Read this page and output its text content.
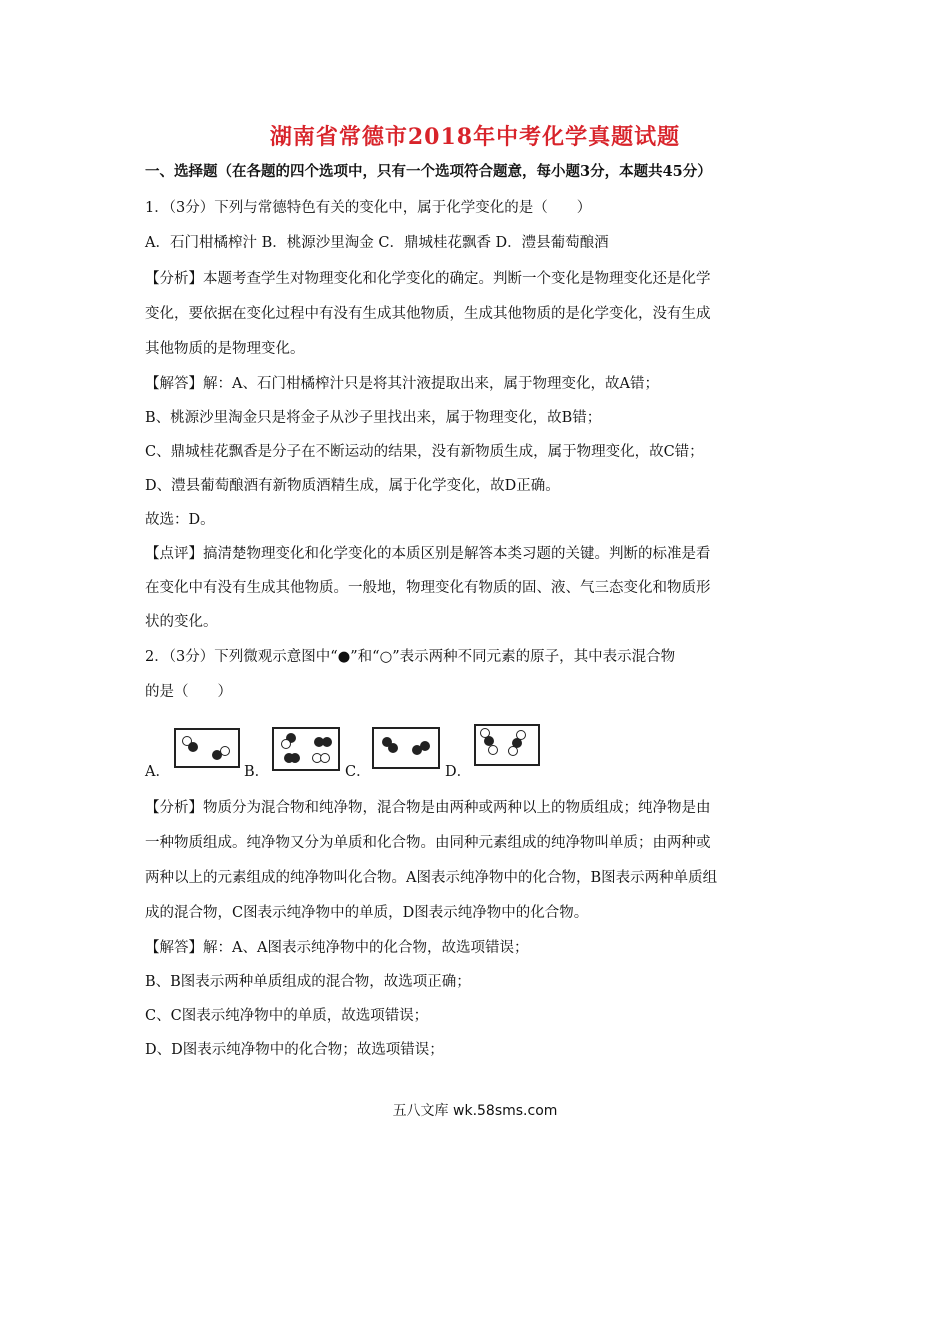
湖南省常德市2018年中考化学真题试题
一、选择题（在各题的四个选项中，只有一个选项符合题意，每小题3分，本题共45分）
1．（3分）下列与常德特色有关的变化中，属于化学变化的是（　　）
A．石门柑橘榨汁 B．桃源沙里淘金 C．鼎城桂花飘香 D．澧县葡萄酿酒
【分析】本题考查学生对物理变化和化学变化的确定。判断一个变化是物理变化还是化学
变化，要依据在变化过程中有没有生成其他物质，生成其他物质的是化学变化，没有生成
其他物质的是物理变化。
【解答】解：A、石门柑橘榨汁只是将其汁液提取出来，属于物理变化，故A错；
B、桃源沙里淘金只是将金子从沙子里找出来，属于物理变化，故B错；
C、鼎城桂花飘香是分子在不断运动的结果，没有新物质生成，属于物理变化，故C错；
D、澧县葡萄酿酒有新物质酒精生成，属于化学变化，故D正确。
故选：D。
【点评】搞清楚物理变化和化学变化的本质区别是解答本类习题的关键。判断的标准是看
在变化中有没有生成其他物质。一般地，物理变化有物质的固、液、气三态变化和物质形
状的变化。
2．（3分）下列微观示意图中“●”和“○”表示两种不同元素的原子，其中表示混合物
的是（　　）
A．	B．	C．	D．
【分析】物质分为混合物和纯净物，混合物是由两种或两种以上的物质组成；纯净物是由
一种物质组成。纯净物又分为单质和化合物。由同种元素组成的纯净物叫单质；由两种或
两种以上的元素组成的纯净物叫化合物。A图表示纯净物中的化合物，B图表示两种单质组
成的混合物，C图表示纯净物中的单质，D图表示纯净物中的化合物。
【解答】解：A、A图表示纯净物中的化合物，故选项错误；
B、B图表示两种单质组成的混合物，故选项正确；
C、C图表示纯净物中的单质，故选项错误；
D、D图表示纯净物中的化合物；故选项错误；
五八文库 wk.58sms.com
